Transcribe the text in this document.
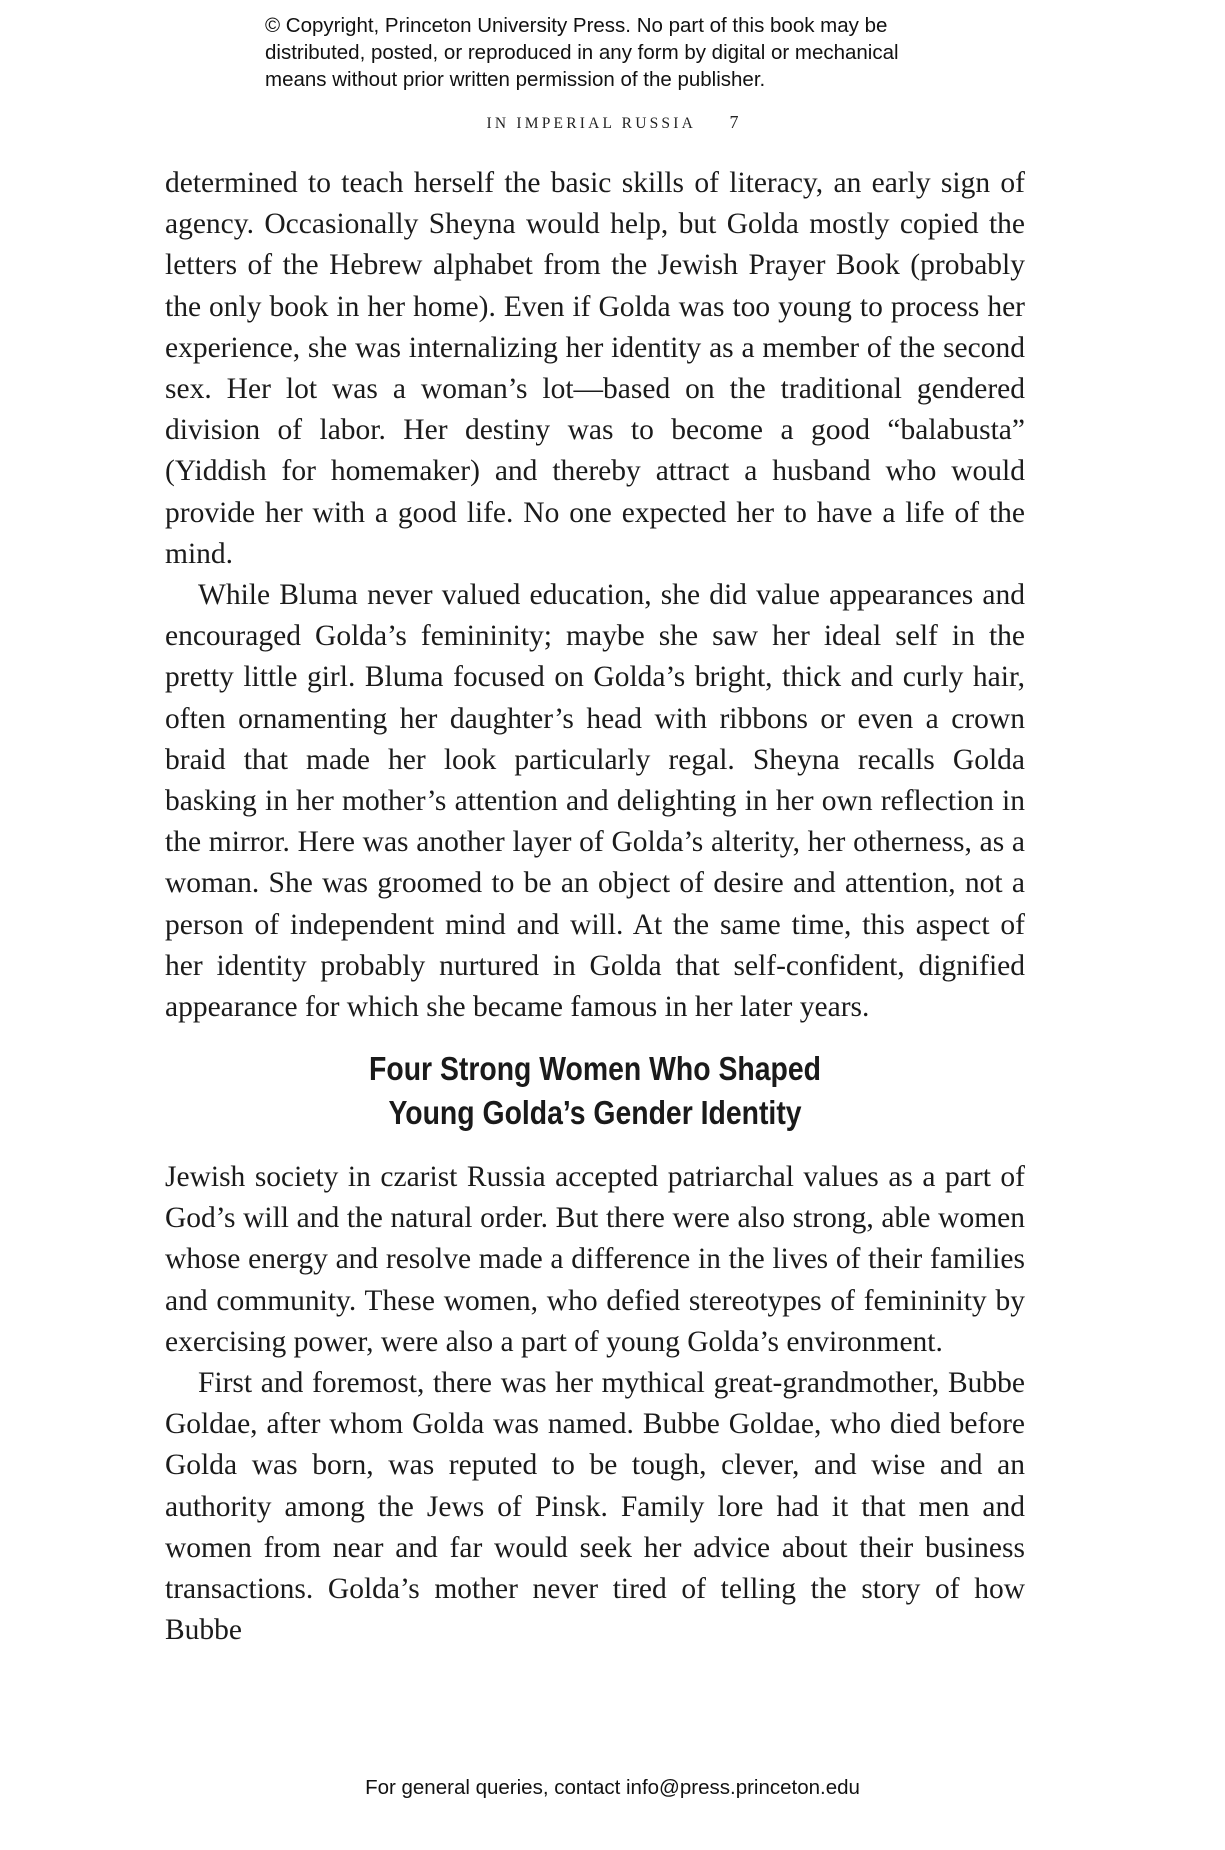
© Copyright, Princeton University Press. No part of this book may be
distributed, posted, or reproduced in any form by digital or mechanical
means without prior written permission of the publisher.
IN IMPERIAL RUSSIA 7

determined to teach herself the basic skills of literacy, an early sign of agency. Occasionally Sheyna would help, but Golda mostly copied the letters of the Hebrew alphabet from the Jewish Prayer Book (probably the only book in her home). Even if Golda was too young to process her experience, she was internalizing her identity as a member of the second sex. Her lot was a woman’s lot—based on the traditional gendered division of labor. Her destiny was to become a good “balabusta” (Yiddish for homemaker) and thereby attract a husband who would provide her with a good life. No one expected her to have a life of the mind.

While Bluma never valued education, she did value appearances and encouraged Golda’s femininity; maybe she saw her ideal self in the pretty little girl. Bluma focused on Golda’s bright, thick and curly hair, often ornamenting her daughter’s head with ribbons or even a crown braid that made her look particularly regal. Sheyna recalls Golda basking in her mother’s attention and delighting in her own reflection in the mirror. Here was another layer of Golda’s alterity, her otherness, as a woman. She was groomed to be an object of desire and attention, not a person of independent mind and will. At the same time, this aspect of her identity probably nurtured in Golda that self-confident, dignified appearance for which she became famous in her later years.

Four Strong Women Who Shaped
Young Golda’s Gender Identity

Jewish society in czarist Russia accepted patriarchal values as a part of God’s will and the natural order. But there were also strong, able women whose energy and resolve made a difference in the lives of their families and community. These women, who defied stereotypes of femininity by exercising power, were also a part of young Golda’s environment.

First and foremost, there was her mythical great-grandmother, Bubbe Goldae, after whom Golda was named. Bubbe Goldae, who died before Golda was born, was reputed to be tough, clever, and wise and an authority among the Jews of Pinsk. Family lore had it that men and women from near and far would seek her advice about their business transactions. Golda’s mother never tired of telling the story of how Bubbe

For general queries, contact info@press.princeton.edu
